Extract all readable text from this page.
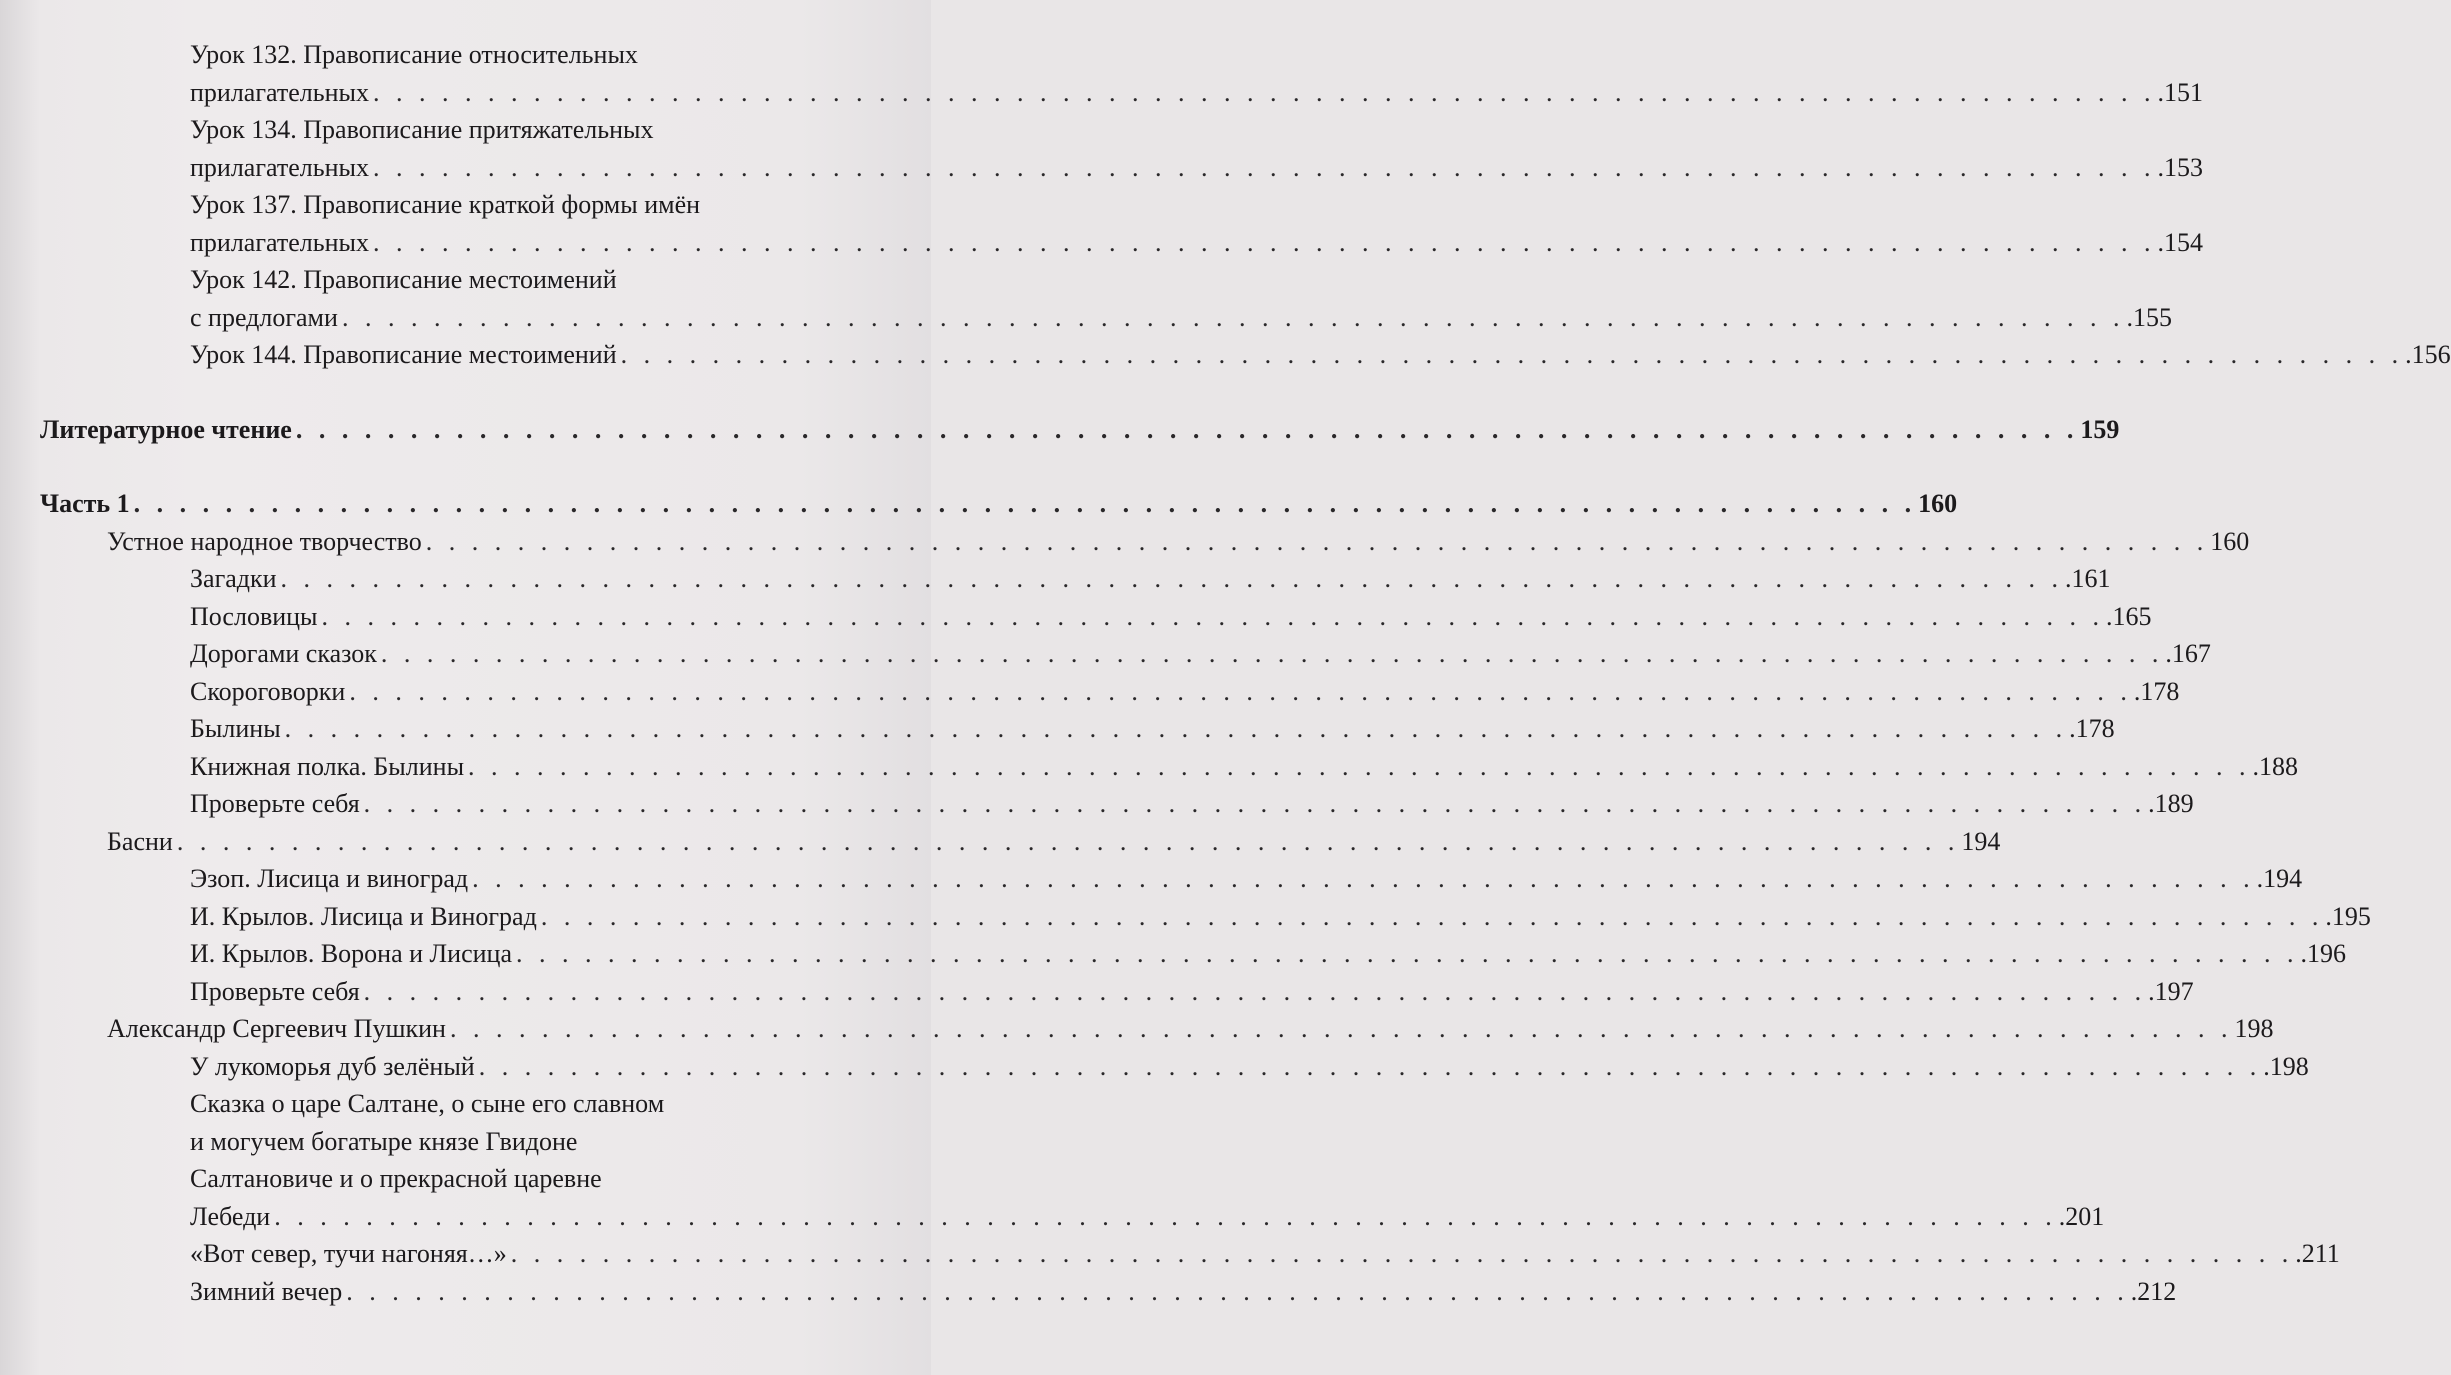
Урок 132. Правописание относительных
прилагательных . . . . . . . . . . . . . . . . . . . . . . . . . . . . . . . . . . . . . . . . . . . . . . . . . . . . . . . . . . . . . . . . . . . . . . . . . . . . . . .151
Урок 134. Правописание притяжательных
прилагательных . . . . . . . . . . . . . . . . . . . . . . . . . . . . . . . . . . . . . . . . . . . . . . . . . . . . . . . . . . . . . . . . . . . . . . . . . . . . . . .153
Урок 137. Правописание краткой формы имён
прилагательных . . . . . . . . . . . . . . . . . . . . . . . . . . . . . . . . . . . . . . . . . . . . . . . . . . . . . . . . . . . . . . . . . . . . . . . . . . . . . . .154
Урок 142. Правописание местоимений
с предлогами . . . . . . . . . . . . . . . . . . . . . . . . . . . . . . . . . . . . . . . . . . . . . . . . . . . . . . . . . . . . . . . . . . . . . . . . . . . . . . .155
Урок 144. Правописание местоимений . . . . . . . . . . . . . . . . . . . . . . . . . . . . . . . . . . . . . . . . . . . . . . . . . . . . . . . . . . . . . . . . . . . . . . . . . . . . . . .156
Литературное чтение . . . . . . . . . . . . . . . . . . . . . . . . . . . . . . . . . . . . . . . . . . . . . . . . . . . . . . . . . . . . . . . . . . . . . . . . . . . . . . 159
Часть 1 . . . . . . . . . . . . . . . . . . . . . . . . . . . . . . . . . . . . . . . . . . . . . . . . . . . . . . . . . . . . . . . . . . . . . . . . . . . . . . 160
Устное народное творчество . . . . . . . . . . . . . . . . . . . . . . . . . . . . . . . . . . . . . . . . . . . . . . . . . . . . . . . . . . . . . . . . . . . . . . . . . . . . . . 160
Загадки . . . . . . . . . . . . . . . . . . . . . . . . . . . . . . . . . . . . . . . . . . . . . . . . . . . . . . . . . . . . . . . . . . . . . . . . . . . . . . .161
Пословицы . . . . . . . . . . . . . . . . . . . . . . . . . . . . . . . . . . . . . . . . . . . . . . . . . . . . . . . . . . . . . . . . . . . . . . . . . . . . . . .165
Дорогами сказок . . . . . . . . . . . . . . . . . . . . . . . . . . . . . . . . . . . . . . . . . . . . . . . . . . . . . . . . . . . . . . . . . . . . . . . . . . . . . . .167
Скороговорки . . . . . . . . . . . . . . . . . . . . . . . . . . . . . . . . . . . . . . . . . . . . . . . . . . . . . . . . . . . . . . . . . . . . . . . . . . . . . . .178
Былины . . . . . . . . . . . . . . . . . . . . . . . . . . . . . . . . . . . . . . . . . . . . . . . . . . . . . . . . . . . . . . . . . . . . . . . . . . . . . . .178
Книжная полка. Былины . . . . . . . . . . . . . . . . . . . . . . . . . . . . . . . . . . . . . . . . . . . . . . . . . . . . . . . . . . . . . . . . . . . . . . . . . . . . . . .188
Проверьте себя . . . . . . . . . . . . . . . . . . . . . . . . . . . . . . . . . . . . . . . . . . . . . . . . . . . . . . . . . . . . . . . . . . . . . . . . . . . . . . .189
Басни . . . . . . . . . . . . . . . . . . . . . . . . . . . . . . . . . . . . . . . . . . . . . . . . . . . . . . . . . . . . . . . . . . . . . . . . . . . . . . 194
Эзоп. Лисица и виноград . . . . . . . . . . . . . . . . . . . . . . . . . . . . . . . . . . . . . . . . . . . . . . . . . . . . . . . . . . . . . . . . . . . . . . . . . . . . . . .194
И. Крылов. Лисица и Виноград . . . . . . . . . . . . . . . . . . . . . . . . . . . . . . . . . . . . . . . . . . . . . . . . . . . . . . . . . . . . . . . . . . . . . . . . . . . . . . .195
И. Крылов. Ворона и Лисица . . . . . . . . . . . . . . . . . . . . . . . . . . . . . . . . . . . . . . . . . . . . . . . . . . . . . . . . . . . . . . . . . . . . . . . . . . . . . . .196
Проверьте себя . . . . . . . . . . . . . . . . . . . . . . . . . . . . . . . . . . . . . . . . . . . . . . . . . . . . . . . . . . . . . . . . . . . . . . . . . . . . . . .197
Александр Сергеевич Пушкин . . . . . . . . . . . . . . . . . . . . . . . . . . . . . . . . . . . . . . . . . . . . . . . . . . . . . . . . . . . . . . . . . . . . . . . . . . . . . . 198
У лукоморья дуб зелёный . . . . . . . . . . . . . . . . . . . . . . . . . . . . . . . . . . . . . . . . . . . . . . . . . . . . . . . . . . . . . . . . . . . . . . . . . . . . . . .198
Сказка о царе Салтане, о сыне его славном
и могучем богатыре князе Гвидоне
Салтановиче и о прекрасной царевне
Лебеди . . . . . . . . . . . . . . . . . . . . . . . . . . . . . . . . . . . . . . . . . . . . . . . . . . . . . . . . . . . . . . . . . . . . . . . . . . . . . . .201
«Вот север, тучи нагоняя…» . . . . . . . . . . . . . . . . . . . . . . . . . . . . . . . . . . . . . . . . . . . . . . . . . . . . . . . . . . . . . . . . . . . . . . . . . . . . . . .211
Зимний вечер . . . . . . . . . . . . . . . . . . . . . . . . . . . . . . . . . . . . . . . . . . . . . . . . . . . . . . . . . . . . . . . . . . . . . . . . . . . . . . .212
